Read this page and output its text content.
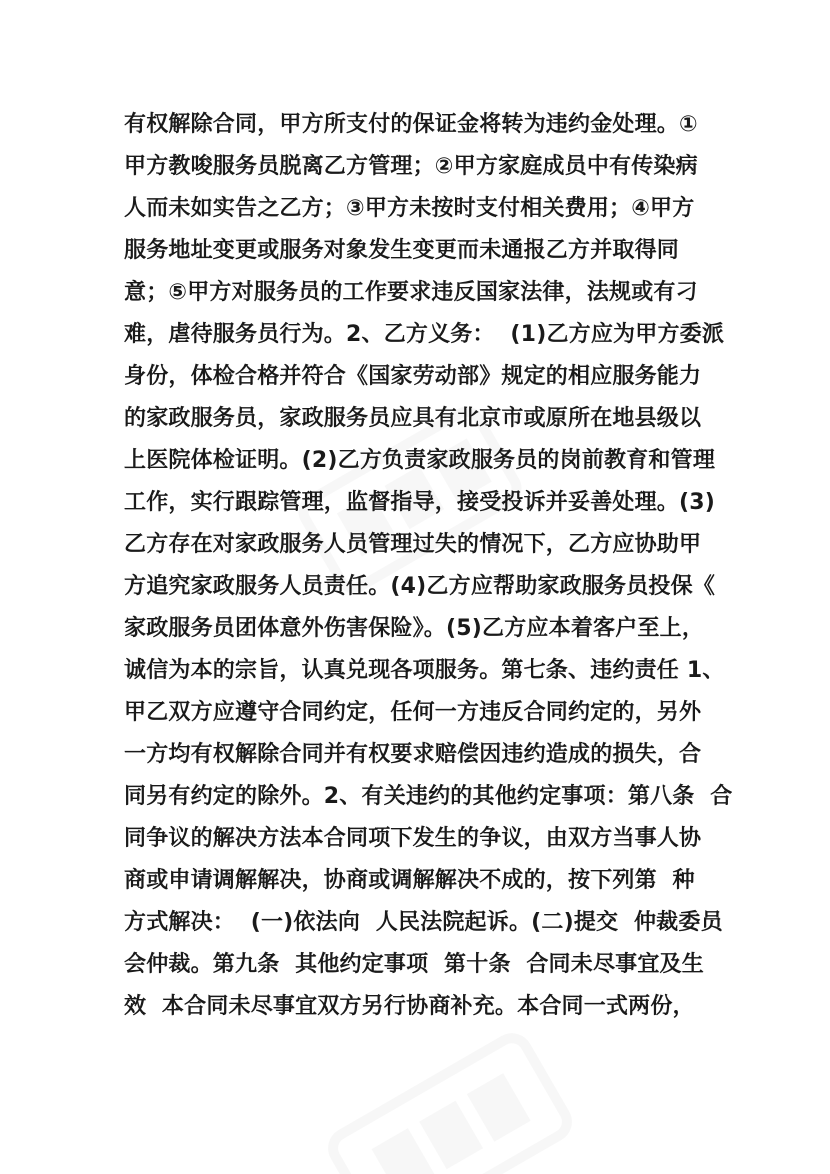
有权解除合同，甲方所支付的保证金将转为违约金处理。①
甲方教唆服务员脱离乙方管理；②甲方家庭成员中有传染病
人而未如实告之乙方；③甲方未按时支付相关费用；④甲方
服务地址变更或服务对象发生变更而未通报乙方并取得同
意；⑤甲方对服务员的工作要求违反国家法律，法规或有刁
难，虐待服务员行为。2、乙方义务：  (1)乙方应为甲方委派
身份，体检合格并符合《国家劳动部》规定的相应服务能力
的家政服务员，家政服务员应具有北京市或原所在地县级以
上医院体检证明。(2)乙方负责家政服务员的岗前教育和管理
工作，实行跟踪管理，监督指导，接受投诉并妥善处理。(3)
乙方存在对家政服务人员管理过失的情况下，乙方应协助甲
方追究家政服务人员责任。(4)乙方应帮助家政服务员投保《
家政服务员团体意外伤害保险》。(5)乙方应本着客户至上，
诚信为本的宗旨，认真兑现各项服务。第七条、违约责任 1、
甲乙双方应遵守合同约定，任何一方违反合同约定的，另外
一方均有权解除合同并有权要求赔偿因违约造成的损失，合
同另有约定的除外。2、有关违约的其他约定事项：第八条  合
同争议的解决方法本合同项下发生的争议，由双方当事人协
商或申请调解解决，协商或调解解决不成的，按下列第  种
方式解决：  (一)依法向  人民法院起诉。(二)提交  仲裁委员
会仲裁。第九条  其他约定事项  第十条  合同未尽事宜及生
效  本合同未尽事宜双方另行协商补充。本合同一式两份，
